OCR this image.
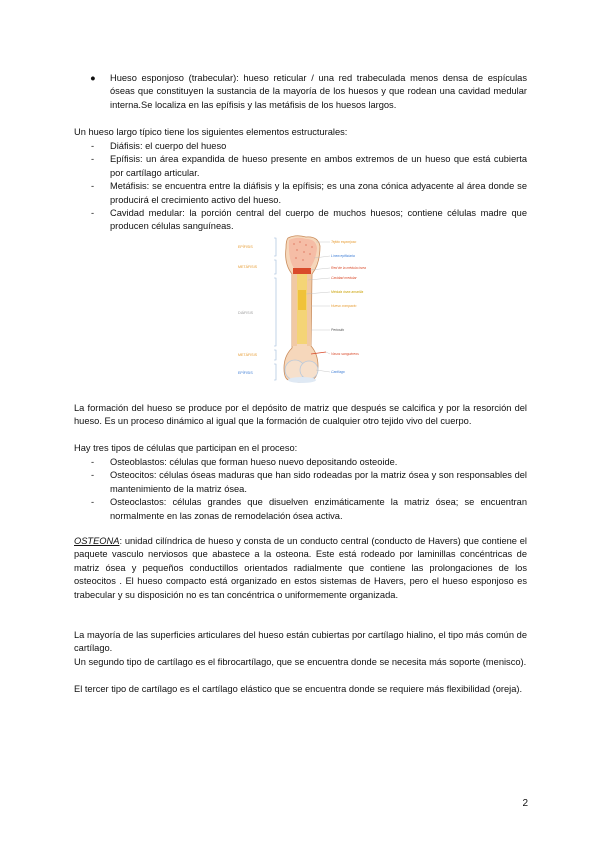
● Hueso esponjoso (trabecular): hueso reticular / una red trabeculada menos densa de espículas óseas que constituyen la sustancia de la mayoría de los huesos y que rodean una cavidad medular interna.Se localiza en las epífisis y las metáfisis de los huesos largos.

Un hueso largo típico tiene los siguientes elementos estructurales:

- Diáfisis: el cuerpo del hueso
- Epífisis: un área expandida de hueso presente en ambos extremos de un hueso que está cubierta por cartílago articular.
- Metáfisis: se encuentra entre la diáfisis y la epífisis; es una zona cónica adyacente al área donde se producirá el crecimiento activo del hueso.
- Cavidad medular: la porción central del cuerpo de muchos huesos; contiene células madre que producen células sanguíneas.
EPÍFISIS
METÁFISIS
DIÁFISIS
METÁFISIS
EPÍFISIS
Tejido esponjoso
Línea epifisiaria
Red de la médula ósea
Cavidad medular
Médula ósea amarilla
Hueso compacto
Periostio
Vasos sanguíneos
Cartílago

La formación del hueso se produce por el depósito de matriz que después se calcifica y por la resorción del hueso. Es un proceso dinámico al igual que la formación de cualquier otro tejido vivo del cuerpo.

Hay tres tipos de células que participan en el proceso:

- Osteoblastos: células que forman hueso nuevo depositando osteoide.
- Osteocitos: células óseas maduras que han sido rodeadas por la matriz ósea y son responsables del mantenimiento de la matriz ósea.
- Osteoclastos: células grandes que disuelven enzimáticamente la matriz ósea; se encuentran normalmente en las zonas de remodelación ósea activa.

OSTEONA: unidad cilíndrica de hueso y consta de un conducto central (conducto de Havers) que contiene el paquete vasculo nerviosos que abastece a la osteona. Este está rodeado por laminillas concéntricas de matriz ósea y pequeños conductillos orientados radialmente que contiene las prolongaciones de los osteocitos . El hueso compacto está organizado en estos sistemas de Havers, pero el hueso esponjoso es trabecular y su disposición no es tan concéntrica o uniformemente organizada.

La mayoría de las superficies articulares del hueso están cubiertas por cartílago hialino, el tipo más común de cartílago.

Un segundo tipo de cartílago es el fibrocartílago, que se encuentra donde se necesita más soporte (menisco).

El tercer tipo de cartílago es el cartílago elástico que se encuentra donde se requiere más flexibilidad (oreja).

2
